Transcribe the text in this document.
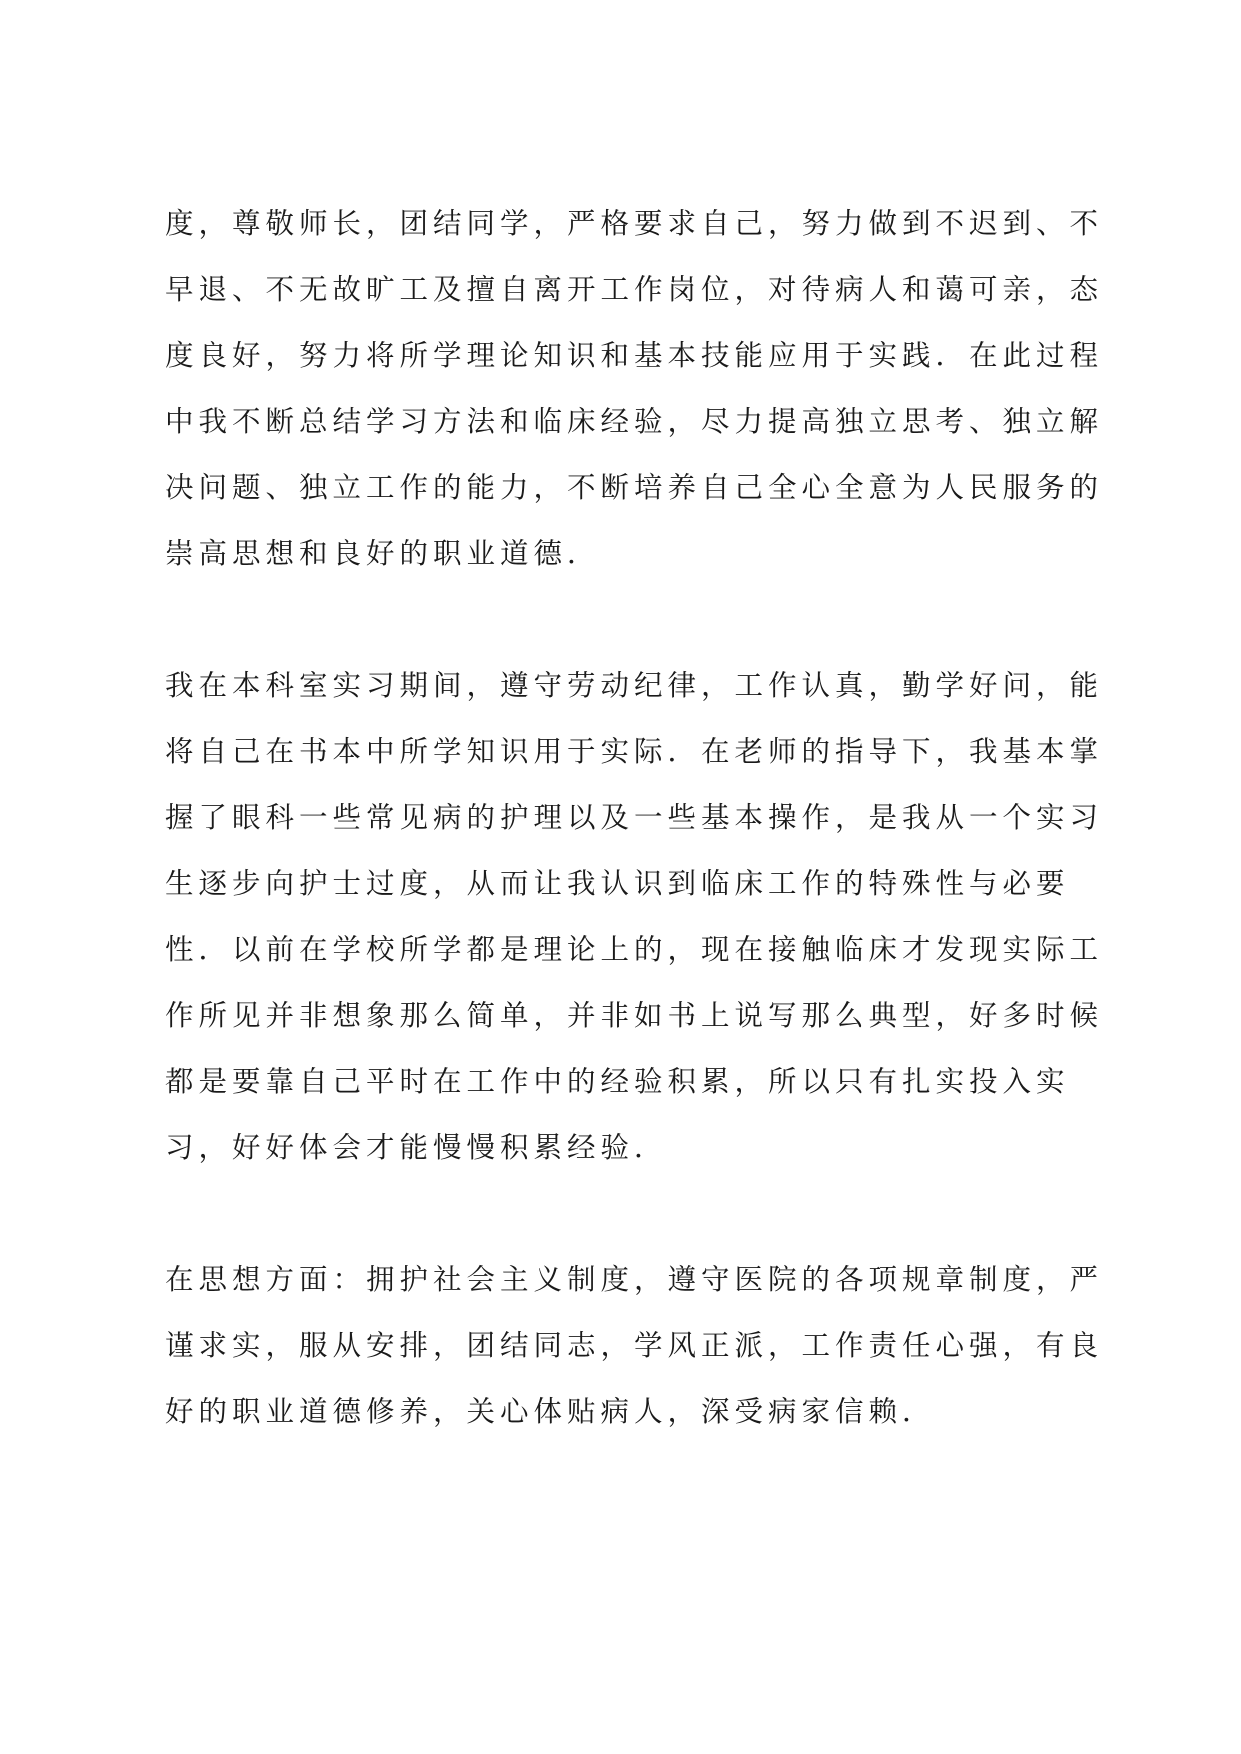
度，尊敬师长，团结同学，严格要求自己，努力做到不迟到、不
早退、不无故旷工及擅自离开工作岗位，对待病人和蔼可亲，态
度良好，努力将所学理论知识和基本技能应用于实践．在此过程
中我不断总结学习方法和临床经验，尽力提高独立思考、独立解
决问题、独立工作的能力，不断培养自己全心全意为人民服务的
崇高思想和良好的职业道德．
我在本科室实习期间，遵守劳动纪律，工作认真，勤学好问，能
将自己在书本中所学知识用于实际．在老师的指导下，我基本掌
握了眼科一些常见病的护理以及一些基本操作，是我从一个实习
生逐步向护士过度，从而让我认识到临床工作的特殊性与必要
性．以前在学校所学都是理论上的，现在接触临床才发现实际工
作所见并非想象那么简单，并非如书上说写那么典型，好多时候
都是要靠自己平时在工作中的经验积累，所以只有扎实投入实
习，好好体会才能慢慢积累经验．
在思想方面：拥护社会主义制度，遵守医院的各项规章制度，严
谨求实，服从安排，团结同志，学风正派，工作责任心强，有良
好的职业道德修养，关心体贴病人，深受病家信赖．
